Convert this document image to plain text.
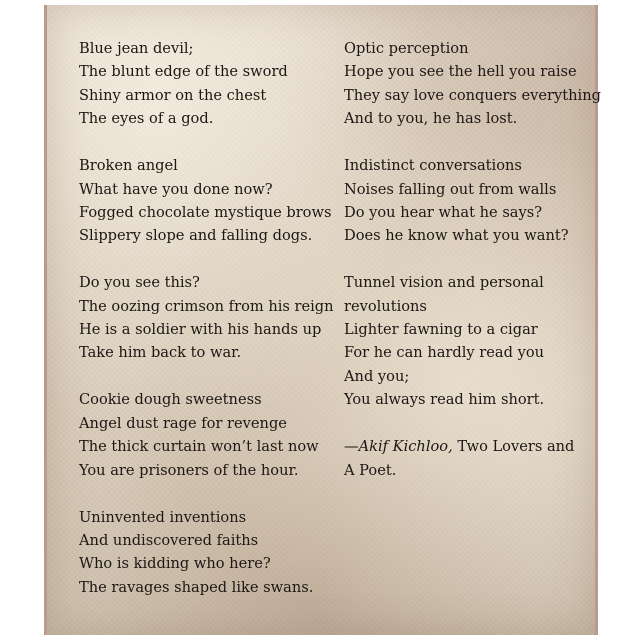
Blue jean devil;
The blunt edge of the sword
Shiny armor on the chest
The eyes of a god.
Broken angel
What have you done now?
Fogged chocolate mystique brows
Slippery slope and falling dogs.
Do you see this?
The oozing crimson from his reign
He is a soldier with his hands up
Take him back to war.
Cookie dough sweetness
Angel dust rage for revenge
The thick curtain won’t last now
You are prisoners of the hour.
Uninvented inventions
And undiscovered faiths
Who is kidding who here?
The ravages shaped like swans.
Optic perception
Hope you see the hell you raise
They say love conquers everything
And to you, he has lost.
Indistinct conversations
Noises falling out from walls
Do you hear what he says?
Does he know what you want?
Tunnel vision and personal revolutions
Lighter fawning to a cigar
For he can hardly read you
And you;
You always read him short.
—Akif Kichloo, Two Lovers and A Poet.
